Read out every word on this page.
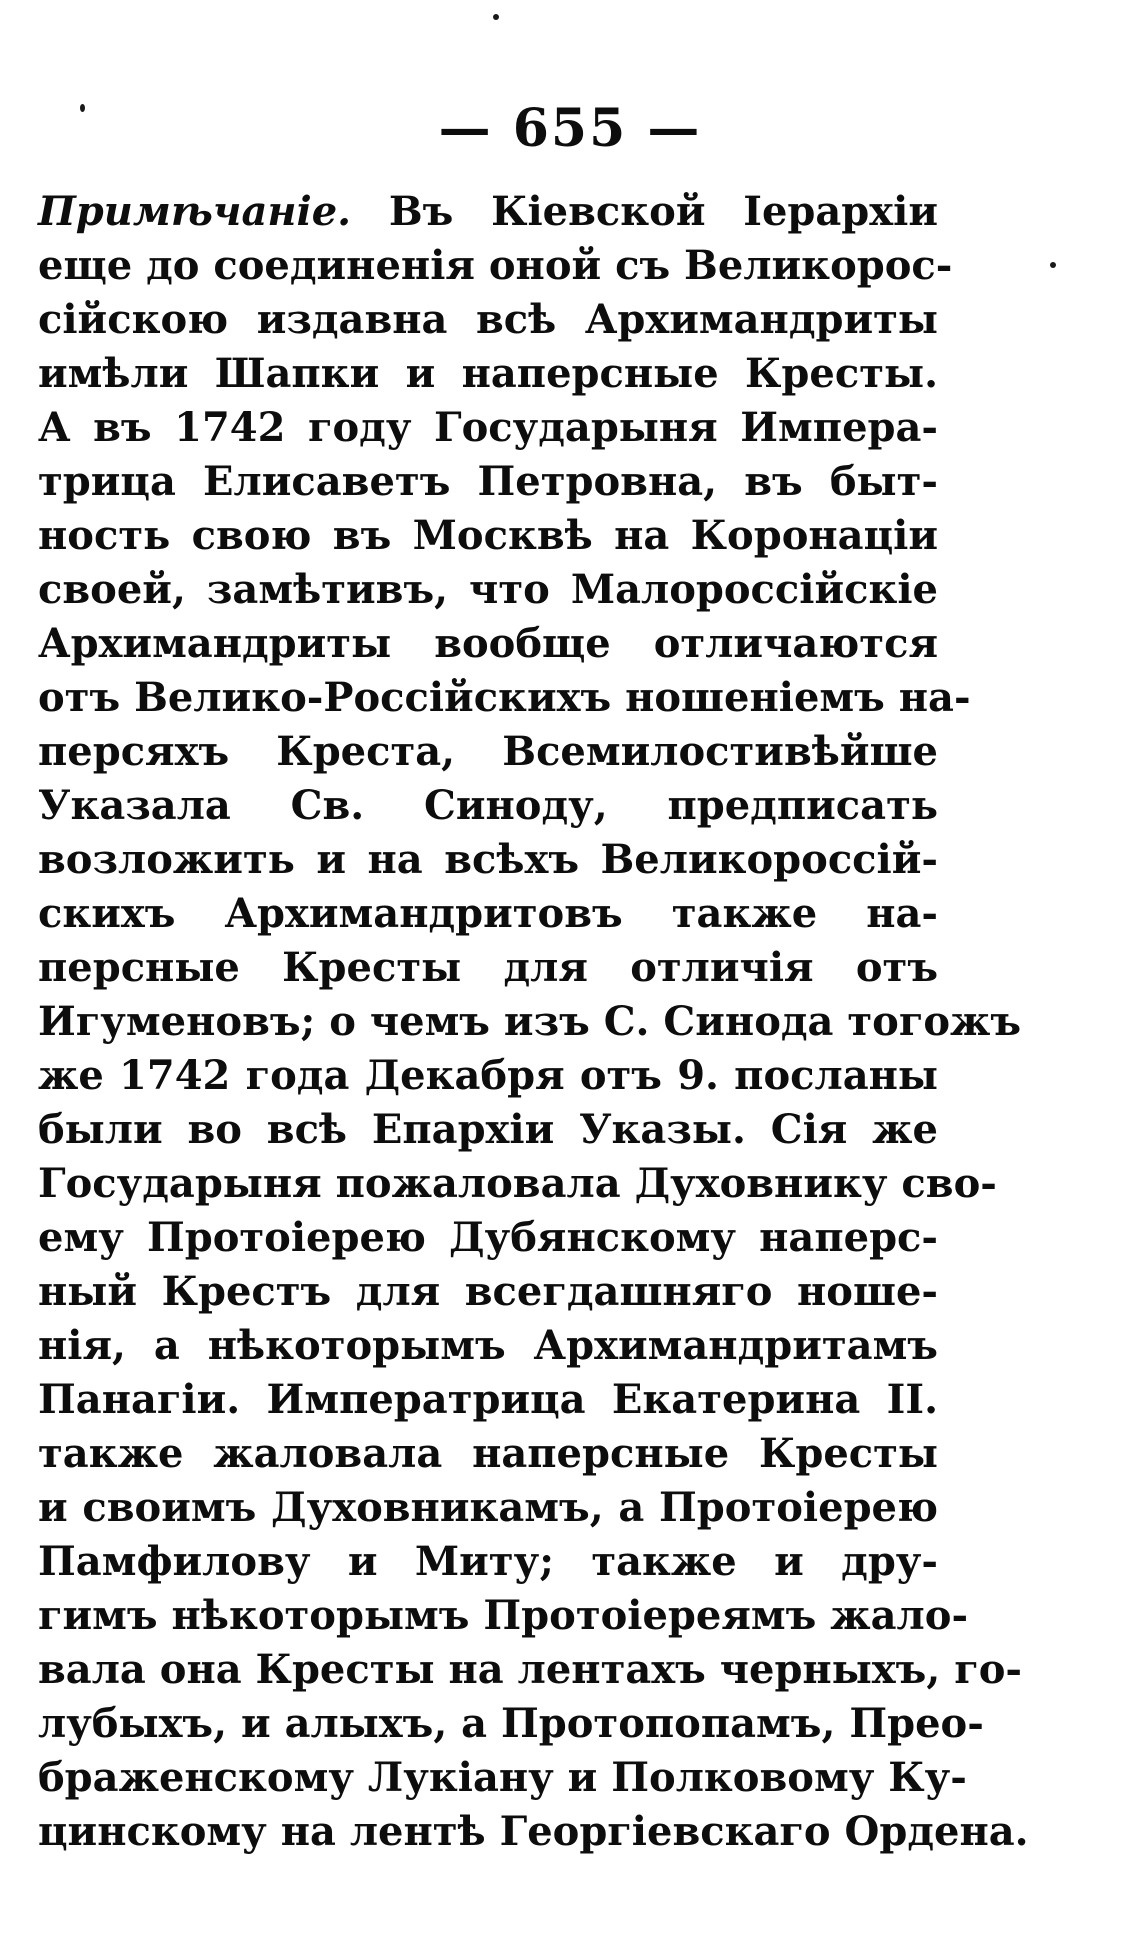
— 655 —
Примѣчаніе. Въ Кіевской Іерархіи
еще до соединенія оной съ Великорос-
сійскою издавна всѣ Архимандриты
имѣли Шапки и наперсные Кресты.
А въ 1742 году Государыня Импера-
трица Елисаветъ Петровна, въ быт-
ность свою въ Москвѣ на Коронаціи
своей, замѣтивъ, что Малороссійскіе
Архимандриты вообще отличаются
отъ Велико-Россійскихъ ношеніемъ на-
персяхъ Креста, Всемилостивѣйше
Указала Св. Синоду, предписать
возложить и на всѣхъ Великороссій-
скихъ Архимандритовъ также на-
персные Кресты для отличія отъ
Игуменовъ; о чемъ изъ С. Синода тогожъ
же 1742 года Декабря отъ 9. посланы
были во всѣ Епархіи Указы. Сія же
Государыня пожаловала Духовнику сво-
ему Протоіерею Дубянскому наперс-
ный Крестъ для всегдашняго ноше-
нія, а нѣкоторымъ Архимандритамъ
Панагіи. Императрица Екатерина II.
также жаловала наперсные Кресты
и своимъ Духовникамъ, а Протоіерею
Памфилову и Миту; также и дру-
гимъ нѣкоторымъ Протоіереямъ жало-
вала она Кресты на лентахъ черныхъ, го-
лубыхъ, и алыхъ, а Протопопамъ, Прео-
браженскому Лукіану и Полковому Ку-
цинскому на лентѣ Георгіевскаго Ордена.
